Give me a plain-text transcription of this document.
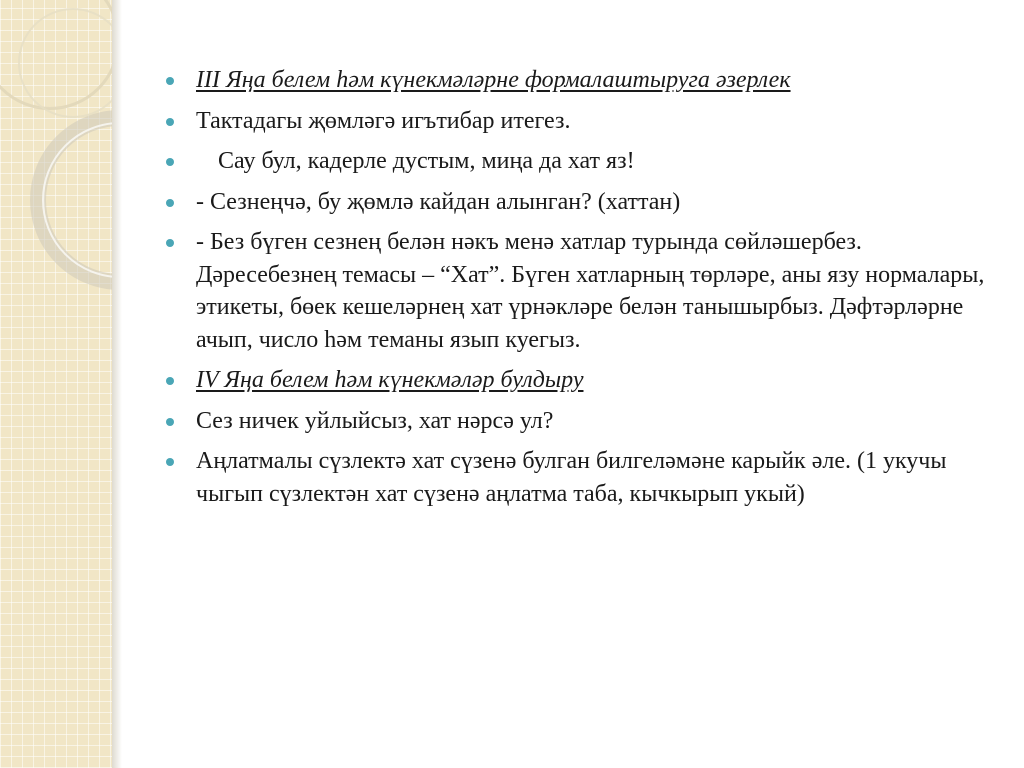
III Яңа белем һәм күнекмәләрне формалаштыруга әзерлек
Тактадагы җөмләгә игътибар итегез.
Сау бул, кадерле дустым, миңа да хат яз!
- Сезнеңчә, бу җөмлә кайдан алынган? (хаттан)
- Без бүген сезнең белән нәкъ менә хатлар турында сөйләшербез. Дәресебезнең темасы – “Хат”. Бүген хатларның төрләре, аны язу нормалары, этикеты, бөек кешеләрнең хат үрнәкләре белән танышырбыз. Дәфтәрләрне ачып, число һәм теманы язып куегыз.
IV Яңа белем һәм күнекмәләр булдыру
Сез ничек уйлыйсыз, хат нәрсә ул?
Аңлатмалы сүзлектә хат сүзенә булган билгеләмәне карыйк әле. (1 укучы чыгып сүзлектән хат сүзенә аңлатма таба, кычкырып укый)
